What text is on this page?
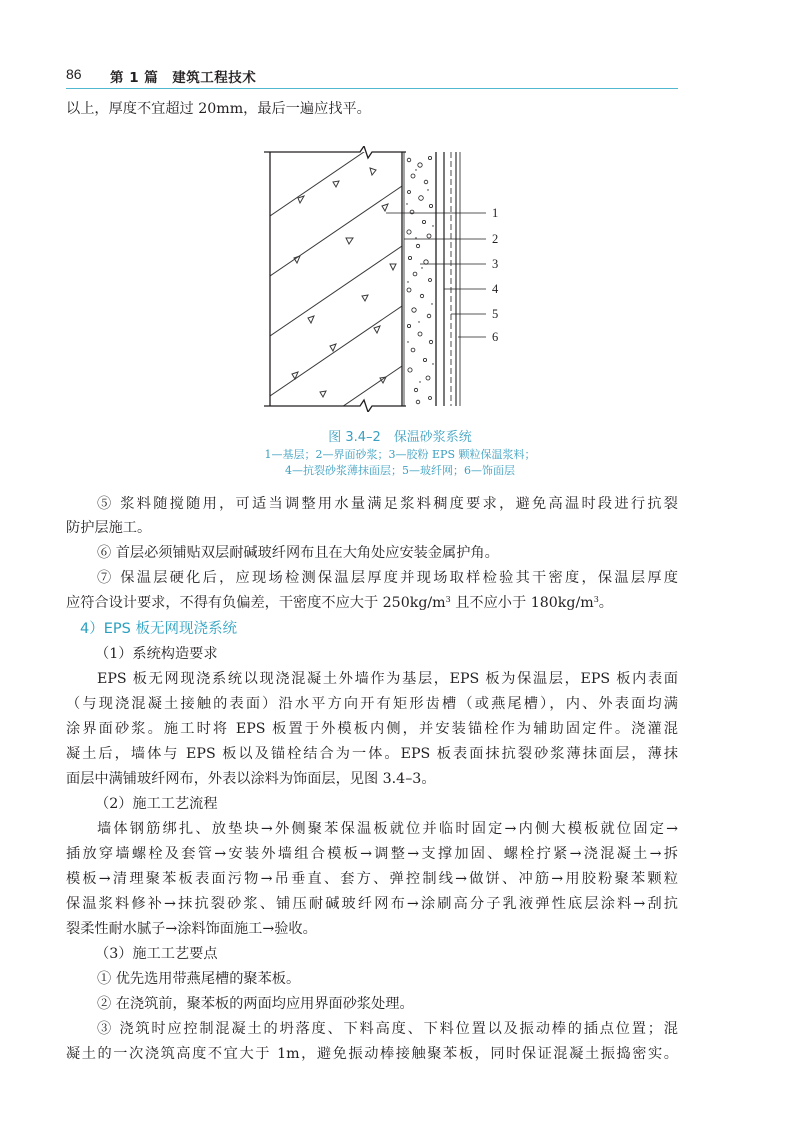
86 第 1 篇　建筑工程技术
以上，厚度不宜超过 20mm，最后一遍应找平。
1
2
3
4
5
6
图 3.4–2　保温砂浆系统
1—基层；2—界面砂浆；3—胶粉 EPS 颗粒保温浆料；
4—抗裂砂浆薄抹面层；5—玻纤网；6—饰面层
⑤ 浆料随搅随用，可适当调整用水量满足浆料稠度要求，避免高温时段进行抗裂
防护层施工。
⑥ 首层必须铺贴双层耐碱玻纤网布且在大角处应安装金属护角。
⑦ 保温层硬化后，应现场检测保温层厚度并现场取样检验其干密度，保温层厚度
应符合设计要求，不得有负偏差，干密度不应大于 $250kg/m^3$ 且不应小于 $180kg/m^3$。
4）EPS 板无网现浇系统
（1）系统构造要求
EPS 板无网现浇系统以现浇混凝土外墙作为基层，EPS 板为保温层，EPS 板内表面
（与现浇混凝土接触的表面）沿水平方向开有矩形齿槽（或燕尾槽），内、外表面均满
涂界面砂浆。施工时将 EPS 板置于外模板内侧，并安装锚栓作为辅助固定件。浇灌混
凝土后，墙体与 EPS 板以及锚栓结合为一体。EPS 板表面抹抗裂砂浆薄抹面层，薄抹
面层中满铺玻纤网布，外表以涂料为饰面层，见图 3.4–3。
（2）施工工艺流程
墙体钢筋绑扎、放垫块→外侧聚苯保温板就位并临时固定→内侧大模板就位固定→
插放穿墙螺栓及套管→安装外墙组合模板→调整→支撑加固、螺栓拧紧→浇混凝土→拆
模板→清理聚苯板表面污物→吊垂直、套方、弹控制线→做饼、冲筋→用胶粉聚苯颗粒
保温浆料修补→抹抗裂砂浆、铺压耐碱玻纤网布→涂刷高分子乳液弹性底层涂料→刮抗
裂柔性耐水腻子→涂料饰面施工→验收。
（3）施工工艺要点
① 优先选用带燕尾槽的聚苯板。
② 在浇筑前，聚苯板的两面均应用界面砂浆处理。
③ 浇筑时应控制混凝土的坍落度、下料高度、下料位置以及振动棒的插点位置；混
凝土的一次浇筑高度不宜大于 1m，避免振动棒接触聚苯板，同时保证混凝土振捣密实。
